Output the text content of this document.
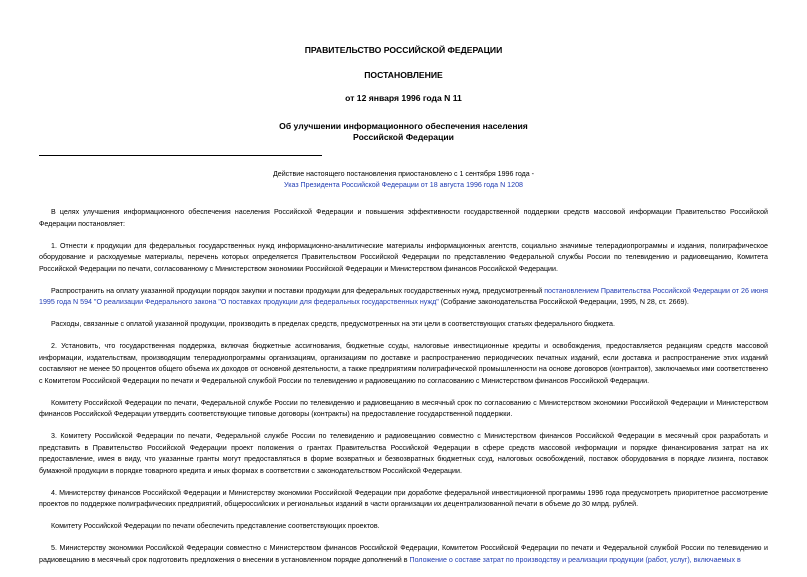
ПРАВИТЕЛЬСТВО РОССИЙСКОЙ ФЕДЕРАЦИИ
ПОСТАНОВЛЕНИЕ
от 12 января 1996 года N 11
Об улучшении информационного обеспечения населения
Российской Федерации
Действие настоящего постановления приостановлено с 1 сентября 1996 года -
Указ Президента Российской Федерации от 18 августа 1996 года N 1208

В целях улучшения информационного обеспечения населения Российской Федерации и повышения эффективности государственной поддержки средств массовой информации Правительство Российской Федерации постановляет:

1. Отнести к продукции для федеральных государственных нужд информационно-аналитические материалы информационных агентств, социально значимые телерадиопрограммы и издания, полиграфическое оборудование и расходуемые материалы, перечень которых определяется Правительством Российской Федерации по представлению Федеральной службы России по телевидению и радиовещанию, Комитета Российской Федерации по печати, согласованному с Министерством экономики Российской Федерации и Министерством финансов Российской Федерации.

Распространить на оплату указанной продукции порядок закупки и поставки продукции для федеральных государственных нужд, предусмотренный постановлением Правительства Российской Федерации от 26 июня 1995 года N 594 "О реализации Федерального закона "О поставках продукции для федеральных государственных нужд" (Собрание законодательства Российской Федерации, 1995, N 28, ст. 2669).

Расходы, связанные с оплатой указанной продукции, производить в пределах средств, предусмотренных на эти цели в соответствующих статьях федерального бюджета.

2. Установить, что государственная поддержка, включая бюджетные ассигнования, бюджетные ссуды, налоговые инвестиционные кредиты и освобождения, предоставляется редакциям средств массовой информации, издательствам, производящим телерадиопрограммы организациям, организациям по доставке и распространению периодических печатных изданий, если доставка и распространение этих изданий составляют не менее 50 процентов общего объема их доходов от основной деятельности, а также предприятиям полиграфической промышленности на основе договоров (контрактов), заключаемых ими соответственно с Комитетом Российской Федерации по печати и Федеральной службой России по телевидению и радиовещанию по согласованию с Министерством финансов Российской Федерации.

Комитету Российской Федерации по печати, Федеральной службе России по телевидению и радиовещанию в месячный срок по согласованию с Министерством экономики Российской Федерации и Министерством финансов Российской Федерации утвердить соответствующие типовые договоры (контракты) на предоставление государственной поддержки.

3. Комитету Российской Федерации по печати, Федеральной службе России по телевидению и радиовещанию совместно с Министерством финансов Российской Федерации в месячный срок разработать и представить в Правительство Российской Федерации проект положения о грантах Правительства Российской Федерации в сфере средств массовой информации и порядке финансирования затрат на их предоставление, имея в виду, что указанные гранты могут предоставляться в форме возвратных и безвозвратных бюджетных ссуд, налоговых освобождений, поставок оборудования в порядке лизинга, поставок бумажной продукции в порядке товарного кредита и иных формах в соответствии с законодательством Российской Федерации.

4. Министерству финансов Российской Федерации и Министерству экономики Российской Федерации при доработке федеральной инвестиционной программы 1996 года предусмотреть приоритетное рассмотрение проектов по поддержке полиграфических предприятий, общероссийских и региональных изданий в части организации их децентрализованной печати в объеме до 30 млрд. рублей.

Комитету Российской Федерации по печати обеспечить представление соответствующих проектов.

5. Министерству экономики Российской Федерации совместно с Министерством финансов Российской Федерации, Комитетом Российской Федерации по печати и Федеральной службой России по телевидению и радиовещанию в месячный срок подготовить предложения о внесении в установленном порядке дополнений в Положение о составе затрат по производству и реализации продукции (работ, услуг), включаемых в
